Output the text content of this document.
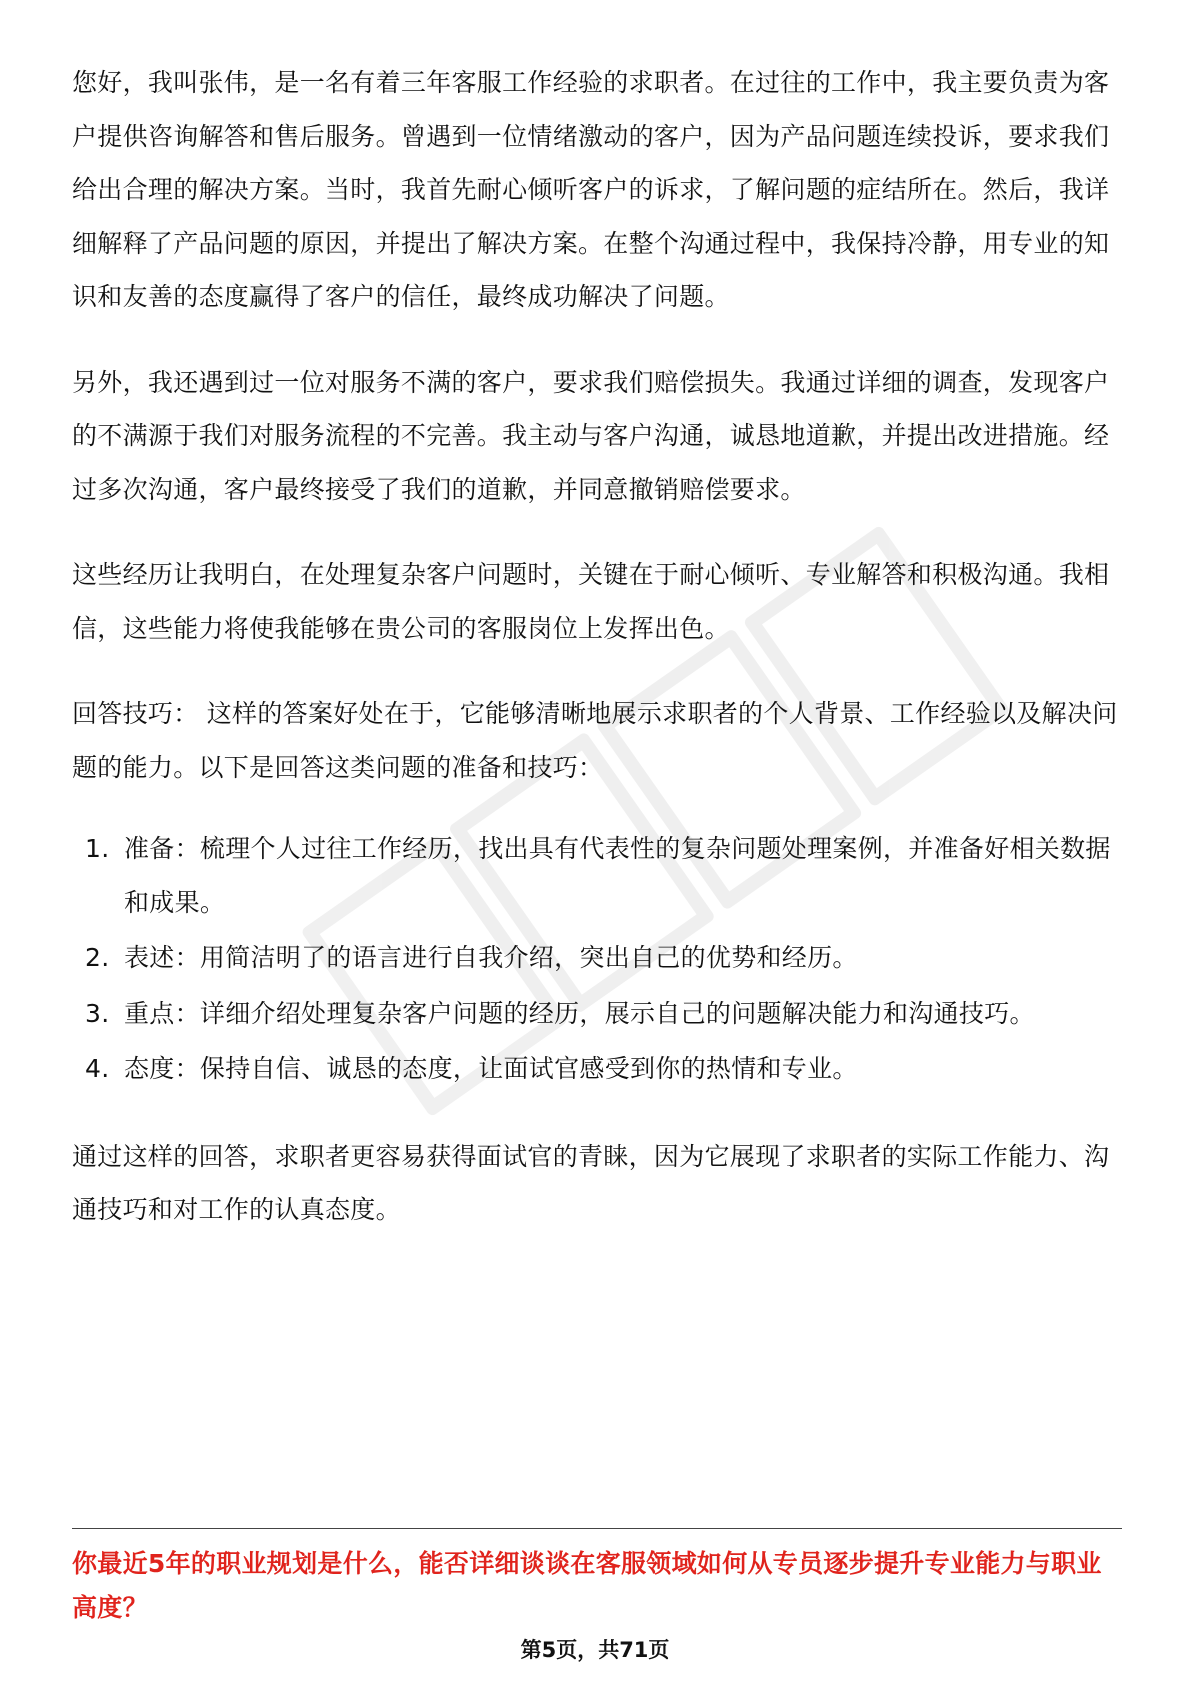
您好，我叫张伟，是一名有着三年客服工作经验的求职者。在过往的工作中，我主要负责为客户提供咨询解答和售后服务。曾遇到一位情绪激动的客户，因为产品问题连续投诉，要求我们给出合理的解决方案。当时，我首先耐心倾听客户的诉求，了解问题的症结所在。然后，我详细解释了产品问题的原因，并提出了解决方案。在整个沟通过程中，我保持冷静，用专业的知识和友善的态度赢得了客户的信任，最终成功解决了问题。

另外，我还遇到过一位对服务不满的客户，要求我们赔偿损失。我通过详细的调查，发现客户的不满源于我们对服务流程的不完善。我主动与客户沟通，诚恳地道歉，并提出改进措施。经过多次沟通，客户最终接受了我们的道歉，并同意撤销赔偿要求。

这些经历让我明白，在处理复杂客户问题时，关键在于耐心倾听、专业解答和积极沟通。我相信，这些能力将使我能够在贵公司的客服岗位上发挥出色。

回答技巧： 这样的答案好处在于，它能够清晰地展示求职者的个人背景、工作经验以及解决问题的能力。以下是回答这类问题的准备和技巧：

1. 准备：梳理个人过往工作经历，找出具有代表性的复杂问题处理案例，并准备好相关数据和成果。
2. 表述：用简洁明了的语言进行自我介绍，突出自己的优势和经历。
3. 重点：详细介绍处理复杂客户问题的经历，展示自己的问题解决能力和沟通技巧。
4. 态度：保持自信、诚恳的态度，让面试官感受到你的热情和专业。

通过这样的回答，求职者更容易获得面试官的青睐，因为它展现了求职者的实际工作能力、沟通技巧和对工作的认真态度。

你最近5年的职业规划是什么，能否详细谈谈在客服领域如何从专员逐步提升专业能力与职业高度？

第5页，共71页
